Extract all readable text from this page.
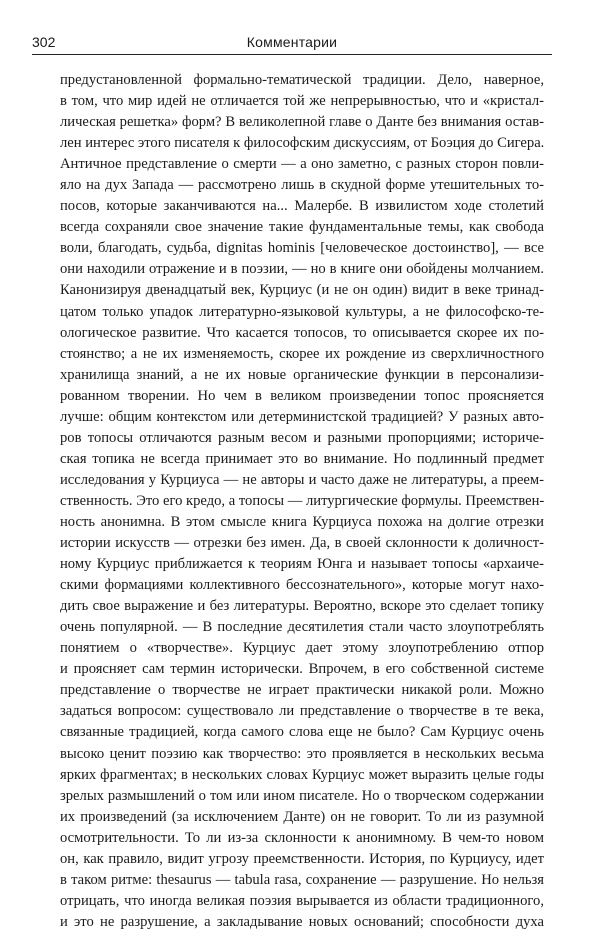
302	Комментарии
предустановленной формально-тематической традиции. Дело, наверное,
в том, что мир идей не отличается той же непрерывностью, что и «кристал-
лическая решетка» форм? В великолепной главе о Данте без внимания остав-
лен интерес этого писателя к философским дискуссиям, от Боэция до Сигера.
Античное представление о смерти — а оно заметно, с разных сторон повли-
яло на дух Запада — рассмотрено лишь в скудной форме утешительных то-
посов, которые заканчиваются на... Малербе. В извилистом ходе столетий
всегда сохраняли свое значение такие фундаментальные темы, как свобода
воли, благодать, судьба, dignitas hominis [человеческое достоинство], — все
они находили отражение и в поэзии, — но в книге они обойдены молчанием.
Канонизируя двенадцатый век, Курциус (и не он один) видит в веке тринад-
цатом только упадок литературно-языковой культуры, а не философско-те-
ологическое развитие. Что касается топосов, то описывается скорее их по-
стоянство; а не их изменяемость, скорее их рождение из сверхличностного
хранилища знаний, а не их новые органические функции в персонализи-
рованном творении. Но чем в великом произведении топос проясняется
лучше: общим контекстом или детерминистской традицией? У разных авто-
ров топосы отличаются разным весом и разными пропорциями; историче-
ская топика не всегда принимает это во внимание. Но подлинный предмет
исследования у Курциуса — не авторы и часто даже не литературы, а преем-
ственность. Это его кредо, а топосы — литургические формулы. Преемствен-
ность анонимна. В этом смысле книга Курциуса похожа на долгие отрезки
истории искусств — отрезки без имен. Да, в своей склонности к доличност-
ному Курциус приближается к теориям Юнга и называет топосы «архаиче-
скими формациями коллективного бессознательного», которые могут нахо-
дить свое выражение и без литературы. Вероятно, вскоре это сделает топику
очень популярной. — В последние десятилетия стали часто злоупотреблять
понятием о «творчестве». Курциус дает этому злоупотреблению отпор
и проясняет сам термин исторически. Впрочем, в его собственной системе
представление о творчестве не играет практически никакой роли. Можно
задаться вопросом: существовало ли представление о творчестве в те века,
связанные традицией, когда самого слова еще не было? Сам Курциус очень
высоко ценит поэзию как творчество: это проявляется в нескольких весьма
ярких фрагментах; в нескольких словах Курциус может выразить целые годы
зрелых размышлений о том или ином писателе. Но о творческом содержании
их произведений (за исключением Данте) он не говорит. То ли из разумной
осмотрительности. То ли из-за склонности к анонимному. В чем-то новом
он, как правило, видит угрозу преемственности. История, по Курциусу, идет
в таком ритме: thesaurus — tabula rasa, сохранение — разрушение. Но нельзя
отрицать, что иногда великая поэзия вырывается из области традиционного,
и это не разрушение, а закладывание новых оснований; способности духа
